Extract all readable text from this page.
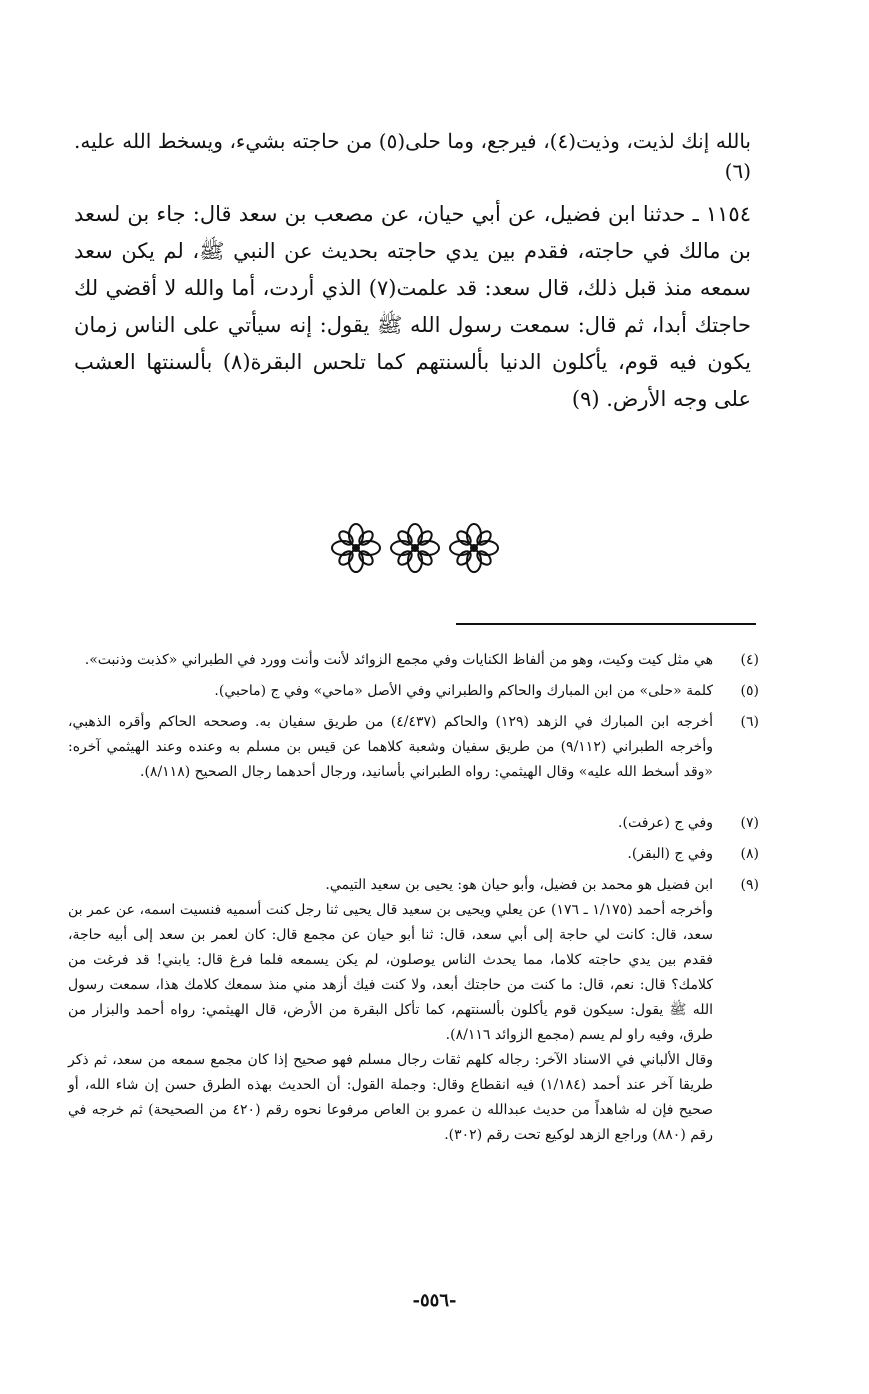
بالله إنك لذيت، وذيت(٤)، فيرجع، وما حلى(٥) من حاجته بشيء، ويسخط الله عليه. (٦)

١١٥٤ ـ حدثنا ابن فضيل، عن أبي حيان، عن مصعب بن سعد قال: جاء بن لسعد بن مالك في حاجته، فقدم بين يدي حاجته بحديث عن النبي ﷺ، لم يكن سعد سمعه منذ قبل ذلك، قال سعد: قد علمت(٧) الذي أردت، أما والله لا أقضي لك حاجتك أبدا، ثم قال: سمعت رسول الله ﷺ يقول: إنه سيأتي على الناس زمان يكون فيه قوم، يأكلون الدنيا بألسنتهم كما تلحس البقرة(٨) بألسنتها العشب على وجه الأرض. (٩)

(٤)
هي مثل كيت وكيت، وهو من ألفاظ الكنايات وفي مجمع الزوائد لأنت وأنت وورد في الطبراني «كذبت وذنبت».
(٥)
كلمة «حلى» من ابن المبارك والحاكم والطبراني وفي الأصل «ماحي» وفي ج (ماحبي).
(٦)
أخرجه ابن المبارك في الزهد (١٢٩) والحاكم (٤/٤٣٧) من طريق سفيان به. وصححه الحاكم وأقره الذهبي، وأخرجه الطبراني (٩/١١٢) من طريق سفيان وشعبة كلاهما عن قيس بن مسلم به وعنده وعند الهيثمي آخره: «وقد أسخط الله عليه» وقال الهيثمي: رواه الطبراني بأسانيد، ورجال أحدهما رجال الصحيح (٨/١١٨).
(٧)
وفي ج (عرفت).
(٨)
وفي ج (البقر).
(٩)
ابن فضيل هو محمد بن فضيل، وأبو حيان هو: يحيى بن سعيد التيمي.
وأخرجه أحمد (١/١٧٥ ـ ١٧٦) عن يعلي ويحيى بن سعيد قال يحيى ثنا رجل كنت أسميه فنسيت اسمه، عن عمر بن سعد، قال: كانت لي حاجة إلى أبي سعد، قال: ثنا أبو حيان عن مجمع قال: كان لعمر بن سعد إلى أبيه حاجة، فقدم بين يدي حاجته كلاما، مما يحدث الناس يوصلون، لم يكن يسمعه فلما فرغ قال: يابني! قد فرغت من كلامك؟ قال: نعم، قال: ما كنت من حاجتك أبعد، ولا كنت فيك أزهد مني منذ سمعك كلامك هذا، سمعت رسول الله ﷺ يقول: سيكون قوم يأكلون بألسنتهم، كما تأكل البقرة من الأرض، قال الهيثمي: رواه أحمد والبزار من طرق، وفيه راو لم يسم (مجمع الزوائد ٨/١١٦).
وقال الألباني في الاسناد الآخر: رجاله كلهم ثقات رجال مسلم فهو صحيح إذا كان مجمع سمعه من سعد، ثم ذكر طريقا آخر عند أحمد (١/١٨٤) فيه انقطاع وقال: وجملة القول: أن الحديث بهذه الطرق حسن إن شاء الله، أو صحيح فإن له شاهداً من حديث عبدالله ن عمرو بن العاص مرفوعا نحوه رقم (٤٢٠ من الصحيحة) ثم خرجه في رقم (٨٨٠) وراجع الزهد لوكيع تحت رقم (٣٠٢).
-٥٥٦-
